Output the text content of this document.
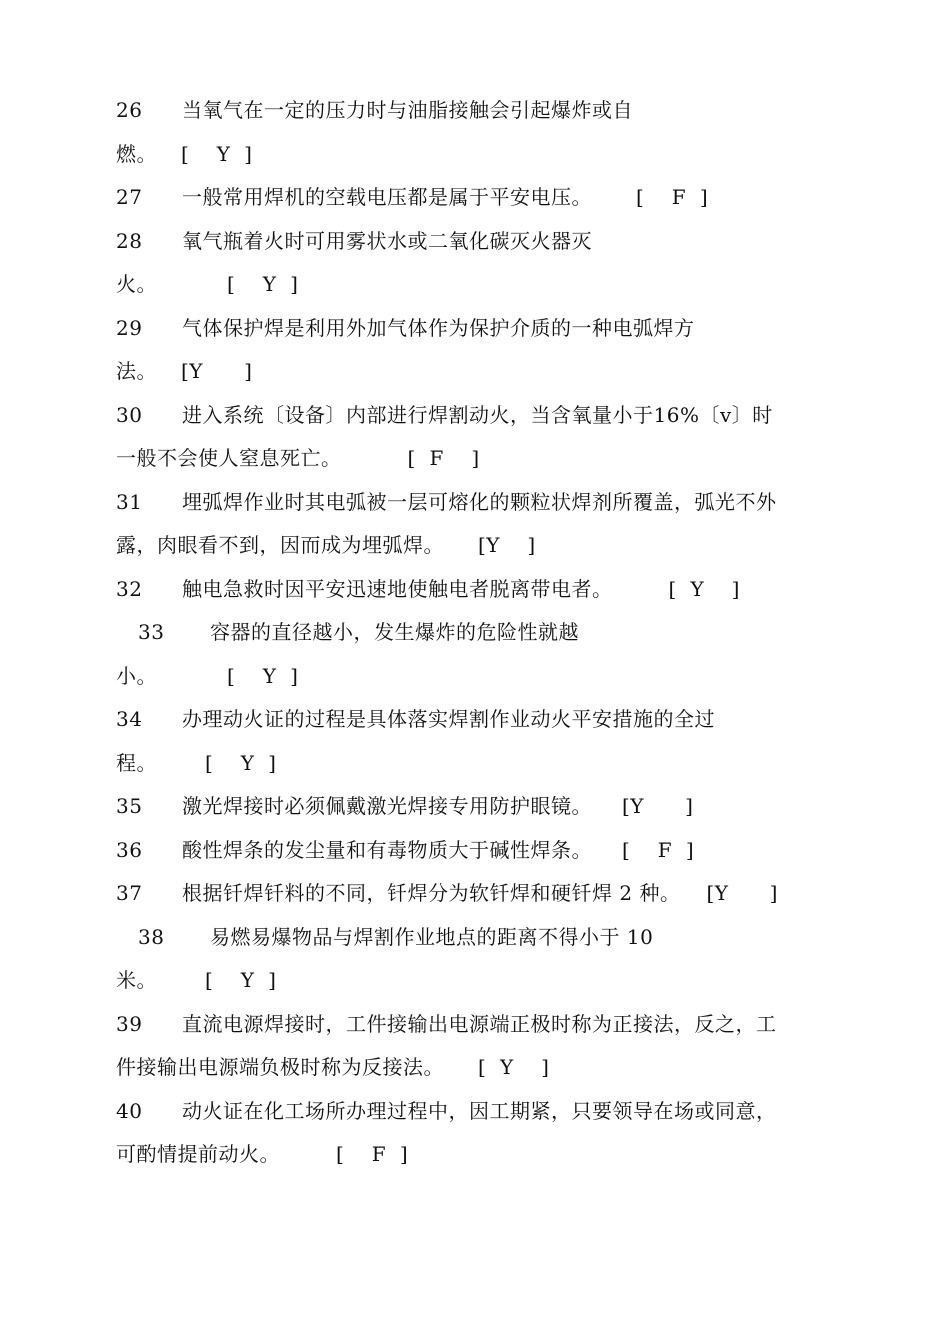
26 当氧气在一定的压力时与油脂接触会引起爆炸或自
燃。 [    Y  ]
27 一般常用焊机的空载电压都是属于平安电压。 [    F  ]
28 氧气瓶着火时可用雾状水或二氧化碳灭火器灭
火。	[    Y  ]
29 气体保护焊是利用外加气体作为保护介质的一种电弧焊方
法。 [Y      ]
30 进入系统〔设备〕内部进行焊割动火，当含氧量小于16%〔v〕时
一般不会使人窒息死亡。	[  F    ]
31 埋弧焊作业时其电弧被一层可熔化的颗粒状焊剂所覆盖，弧光不外
露，肉眼看不到，因而成为埋弧焊。 [Y    ]
32 触电急救时因平安迅速地使触电者脱离带电者。	[  Y    ]
33 容器的直径越小，发生爆炸的危险性就越
小。	[    Y  ]
34 办理动火证的过程是具体落实焊割作业动火平安措施的全过
程。 [    Y  ]
35 激光焊接时必须佩戴激光焊接专用防护眼镜。 [Y      ]
36 酸性焊条的发尘量和有毒物质大于碱性焊条。 [    F  ]
37 根据钎焊钎料的不同，钎焊分为软钎焊和硬钎焊 2 种。 [Y      ]
38 易燃易爆物品与焊割作业地点的距离不得小于 10
米。 [    Y  ]
39 直流电源焊接时，工件接输出电源端正极时称为正接法，反之，工
件接输出电源端负极时称为反接法。 [  Y    ]
40 动火证在化工场所办理过程中，因工期紧，只要领导在场或同意，
可酌情提前动火。	[    F  ]
